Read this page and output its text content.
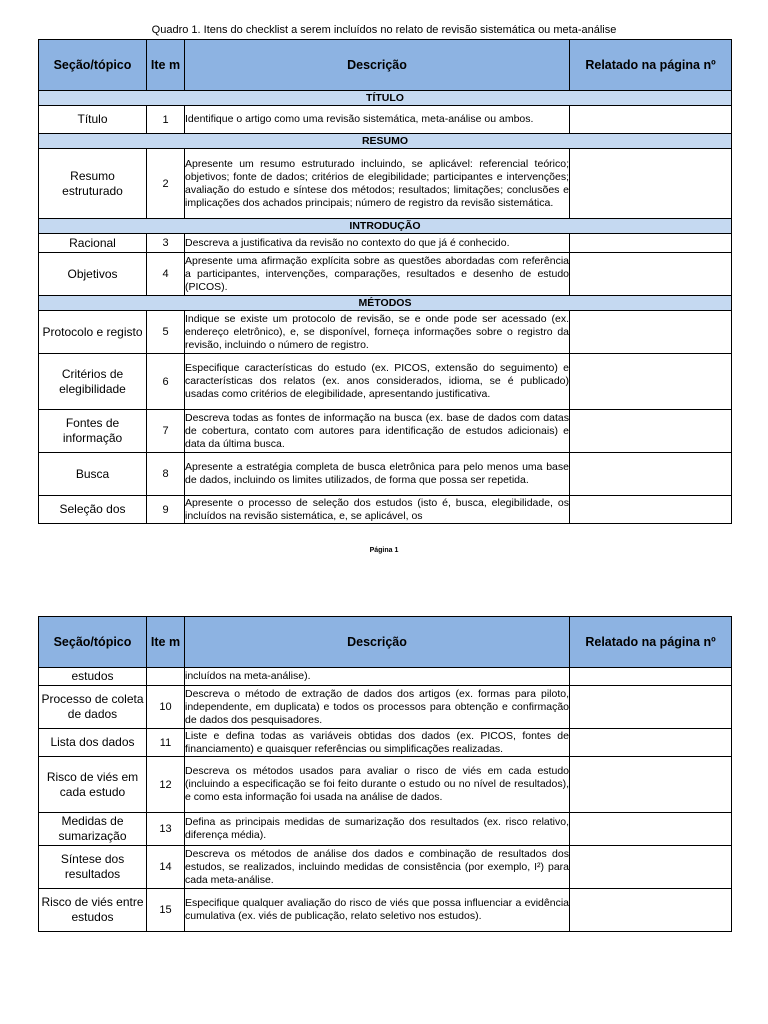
Quadro 1. Itens do checklist a serem incluídos no relato de revisão sistemática ou meta-análise
Seção/tópico	Ite m	Descrição	Relatado na página nº
TÍTULO			
Título	1	Identifique o artigo como uma revisão sistemática, meta-análise ou ambos.	
RESUMO			
Resumo estruturado	2	Apresente um resumo estruturado incluindo, se aplicável: referencial teórico; objetivos; fonte de dados; critérios de elegibilidade; participantes e intervenções; avaliação do estudo e síntese dos métodos; resultados; limitações; conclusões e implicações dos achados principais; número de registro da revisão sistemática.	
INTRODUÇÃO			
Racional	3	Descreva a justificativa da revisão no contexto do que já é conhecido.	
Objetivos	4	Apresente uma afirmação explícita sobre as questões abordadas com referência a participantes, intervenções, comparações, resultados e desenho de estudo (PICOS).	
MÉTODOS			
Protocolo e registo	5	Indique se existe um protocolo de revisão, se e onde pode ser acessado (ex. endereço eletrônico), e, se disponível, forneça informações sobre o registro da revisão, incluindo o número de registro.	
Critérios de elegibilidade	6	Especifique características do estudo (ex. PICOS, extensão do seguimento) e características dos relatos (ex. anos considerados, idioma, se é publicado) usadas como critérios de elegibilidade, apresentando justificativa.	
Fontes de informação	7	Descreva todas as fontes de informação na busca (ex. base de dados com datas de cobertura, contato com autores para identificação de estudos adicionais) e data da última busca.	
Busca	8	Apresente a estratégia completa de busca eletrônica para pelo menos uma base de dados, incluindo os limites utilizados, de forma que possa ser repetida.	
Seleção dos	9	Apresente o processo de seleção dos estudos (isto é, busca, elegibilidade, os incluídos na revisão sistemática, e, se aplicável, os	
Página 1
Seção/tópico	Ite m	Descrição	Relatado na página nº
estudos		incluídos na meta-análise).	
Processo de coleta de dados	10	Descreva o método de extração de dados dos artigos (ex. formas para piloto, independente, em duplicata) e todos os processos para obtenção e confirmação de dados dos pesquisadores.	
Lista dos dados	11	Liste e defina todas as variáveis obtidas dos dados (ex. PICOS, fontes de financiamento) e quaisquer referências ou simplificações realizadas.	
Risco de viés em cada estudo	12	Descreva os métodos usados para avaliar o risco de viés em cada estudo (incluindo a especificação se foi feito durante o estudo ou no nível de resultados), e como esta informação foi usada na análise de dados.	
Medidas de sumarização	13	Defina as principais medidas de sumarização dos resultados (ex. risco relativo, diferença média).	
Síntese dos resultados	14	Descreva os métodos de análise dos dados e combinação de resultados dos estudos, se realizados, incluindo medidas de consistência (por exemplo, I²) para cada meta-análise.	
Risco de viés entre estudos	15	Especifique qualquer avaliação do risco de viés que possa influenciar a evidência cumulativa (ex. viés de publicação, relato seletivo nos estudos).	
